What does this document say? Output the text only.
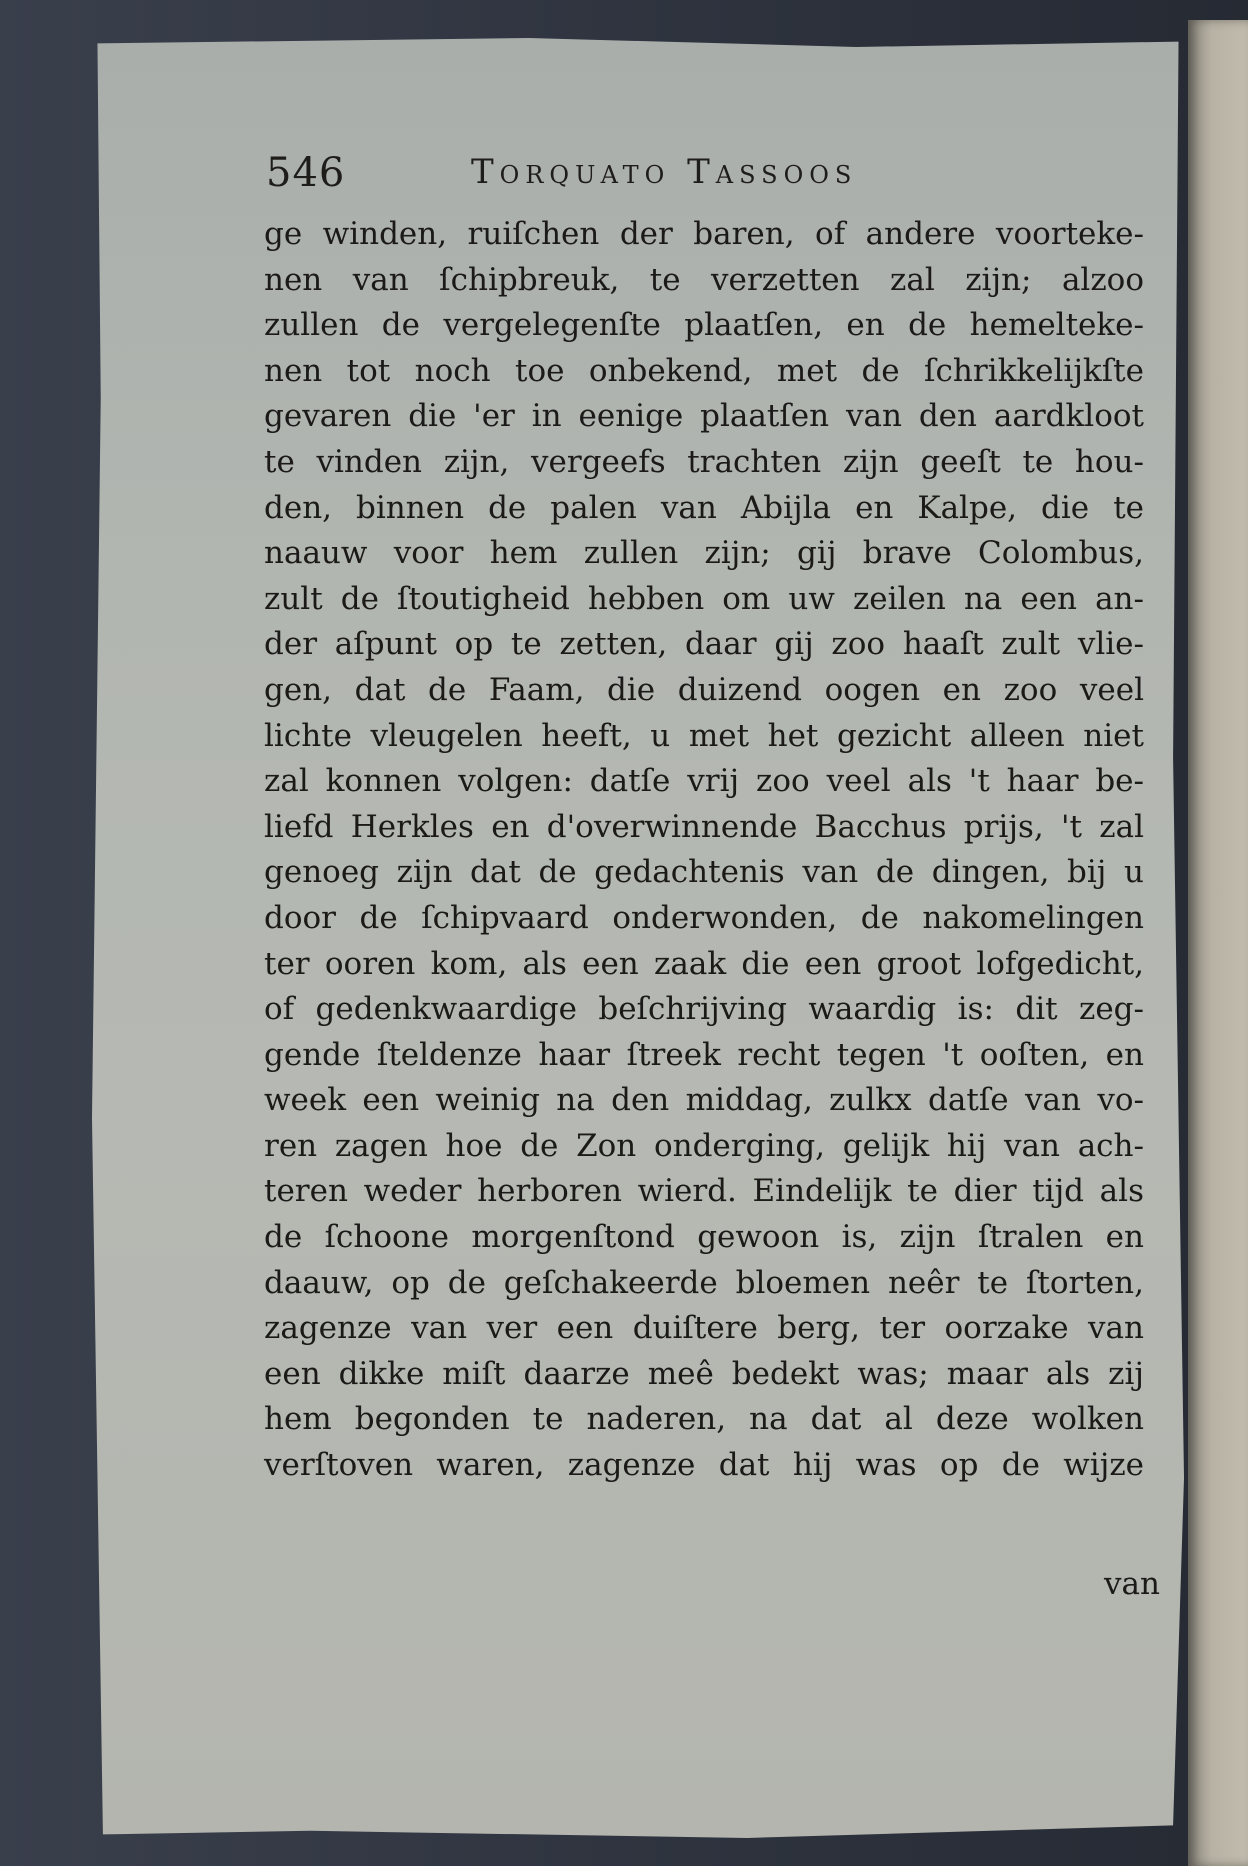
546	Torquato Tassoos
ge winden, ruiſchen der baren, of andere voorteke-
nen van ſchipbreuk, te verzetten zal zijn; alzoo
zullen de vergelegenſte plaatſen, en de hemelteke-
nen tot noch toe onbekend, met de ſchrikkelijkſte
gevaren die 'er in eenige plaatſen van den aardkloot
te vinden zijn, vergeefs trachten zijn geeſt te hou-
den, binnen de palen van Abijla en Kalpe, die te
naauw voor hem zullen zijn; gij brave Colombus,
zult de ſtoutigheid hebben om uw zeilen na een an-
der aſpunt op te zetten, daar gij zoo haaſt zult vlie-
gen, dat de Faam, die duizend oogen en zoo veel
lichte vleugelen heeft, u met het gezicht alleen niet
zal konnen volgen: datſe vrij zoo veel als 't haar be-
liefd Herkles en d'overwinnende Bacchus prijs, 't zal
genoeg zijn dat de gedachtenis van de dingen, bij u
door de ſchipvaard onderwonden, de nakomelingen
ter ooren kom, als een zaak die een groot lofgedicht,
of gedenkwaardige beſchrijving waardig is: dit zeg-
gende ſteldenze haar ſtreek recht tegen 't ooſten, en
week een weinig na den middag, zulkx datſe van vo-
ren zagen hoe de Zon onderging, gelijk hij van ach-
teren weder herboren wierd. Eindelijk te dier tijd als
de ſchoone morgenſtond gewoon is, zijn ſtralen en
daauw, op de geſchakeerde bloemen neêr te ſtorten,
zagenze van ver een duiſtere berg, ter oorzake van
een dikke miſt daarze meê bedekt was; maar als zij
hem begonden te naderen, na dat al deze wolken
verſtoven waren, zagenze dat hij was op de wijze
van
